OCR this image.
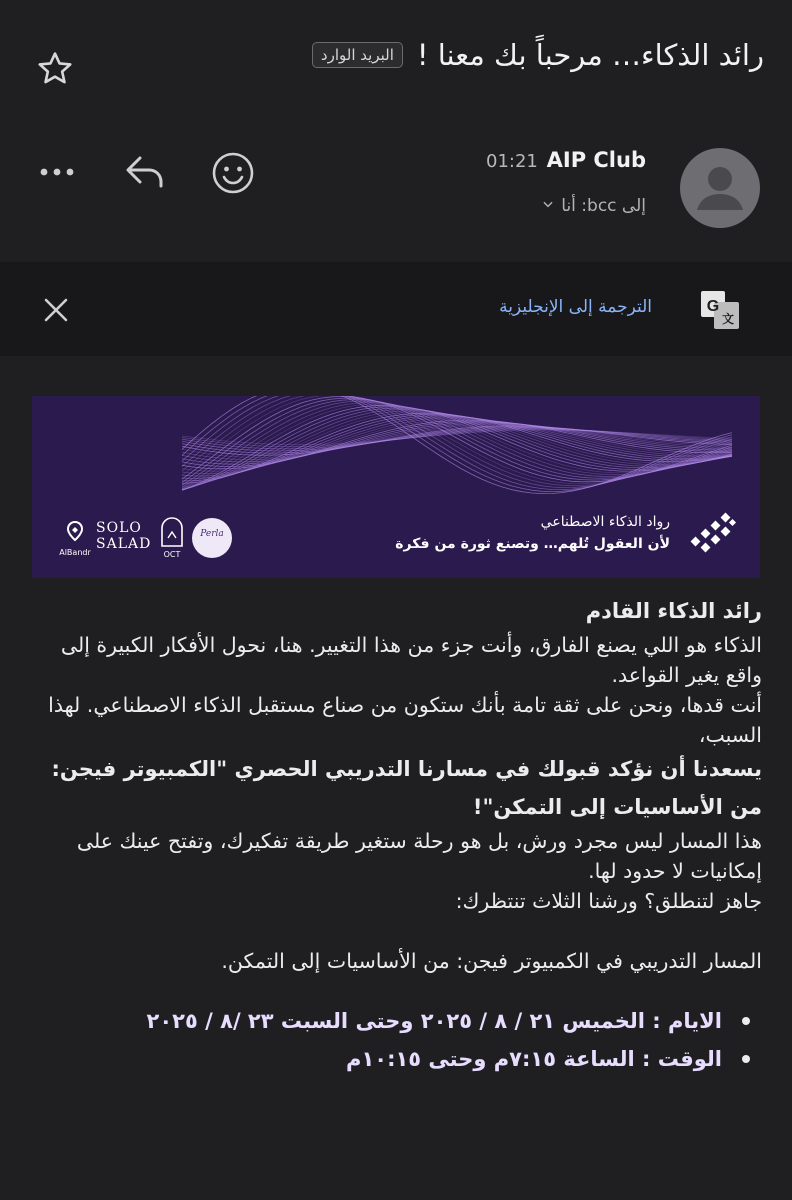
رائد الذكاء… مرحباً بك معنا !
البريد الوارد
AIP Club
01:21
إلى bcc: أنا
الترجمة إلى الإنجليزية	G
文
رواد الذكاء الاصطناعي
لأن العقول تُلهم… وتصنع ثورة من فكرة
AlBandr
SOLO
SALAD
OCT
Perla

رائد الذكاء القادم

الذكاء هو اللي يصنع الفارق، وأنت جزء من هذا التغيير. هنا، نحول الأفكار الكبيرة إلى واقع يغير القواعد.

أنت قدها، ونحن على ثقة تامة بأنك ستكون من صناع مستقبل الذكاء الاصطناعي. لهذا السبب،

يسعدنا أن نؤكد قبولك في مسارنا التدريبي الحصري "الكمبيوتر فيجن: من الأساسيات إلى التمكن"!

هذا المسار ليس مجرد ورش، بل هو رحلة ستغير طريقة تفكيرك، وتفتح عينك على إمكانيات لا حدود لها.

جاهز لتنطلق؟ ورشنا الثلاث تنتظرك:

المسار التدريبي في الكمبيوتر فيجن: من الأساسيات إلى التمكن.

الايام : الخميس ٢١ / ٨ / ٢٠٢٥ وحتى السبت ٢٣ /٨ / ٢٠٢٥
الوقت : الساعة ٧:١٥م وحتى ١٠:١٥م
